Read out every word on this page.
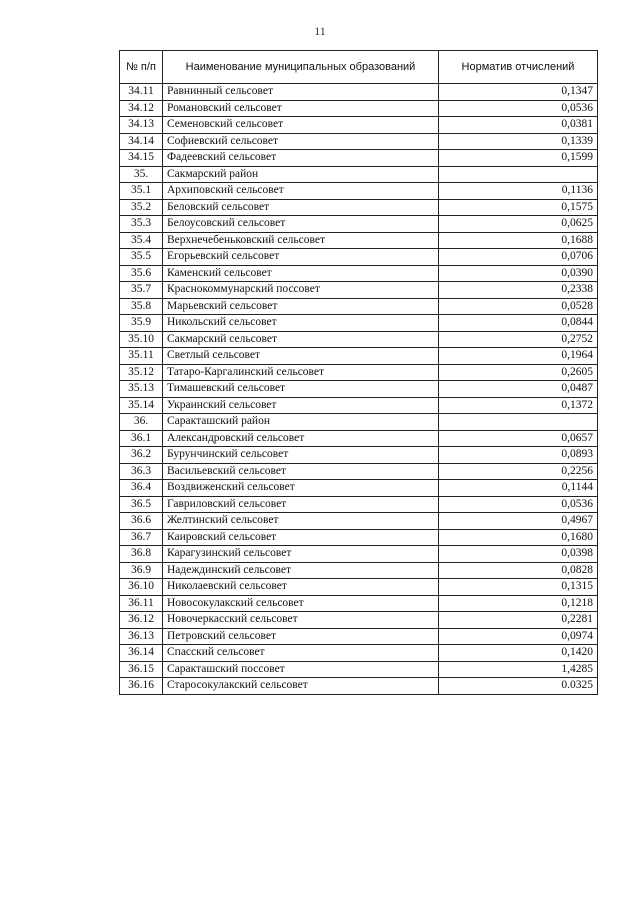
11
№ п/п	Наименование муниципальных образований	Норматив отчислений
34.11	Равнинный сельсовет	0,1347
34.12	Романовский сельсовет	0,0536
34.13	Семеновский сельсовет	0,0381
34.14	Софиевский сельсовет	0,1339
34.15	Фадеевский сельсовет	0,1599
35.	Сакмарский район	
35.1	Архиповский сельсовет	0,1136
35.2	Беловский сельсовет	0,1575
35.3	Белоусовский сельсовет	0,0625
35.4	Верхнечебеньковский сельсовет	0,1688
35.5	Егорьевский сельсовет	0,0706
35.6	Каменский сельсовет	0,0390
35.7	Краснокоммунарский поссовет	0,2338
35.8	Марьевский сельсовет	0,0528
35.9	Никольский сельсовет	0,0844
35.10	Сакмарский сельсовет	0,2752
35.11	Светлый сельсовет	0,1964
35.12	Татаро-Каргалинский сельсовет	0,2605
35.13	Тимашевский сельсовет	0,0487
35.14	Украинский сельсовет	0,1372
36.	Саракташский район	
36.1	Александровский сельсовет	0,0657
36.2	Бурунчинский сельсовет	0,0893
36.3	Васильевский сельсовет	0,2256
36.4	Воздвиженский сельсовет	0,1144
36.5	Гавриловский сельсовет	0,0536
36.6	Желтинский сельсовет	0,4967
36.7	Каировский сельсовет	0,1680
36.8	Карагузинский сельсовет	0,0398
36.9	Надеждинский сельсовет	0,0828
36.10	Николаевский сельсовет	0,1315
36.11	Новосокулакский сельсовет	0,1218
36.12	Новочеркасский сельсовет	0,2281
36.13	Петровский сельсовет	0,0974
36.14	Спасский сельсовет	0,1420
36.15	Саракташский поссовет	1,4285
36.16	Старосокулакский сельсовет	0.0325
